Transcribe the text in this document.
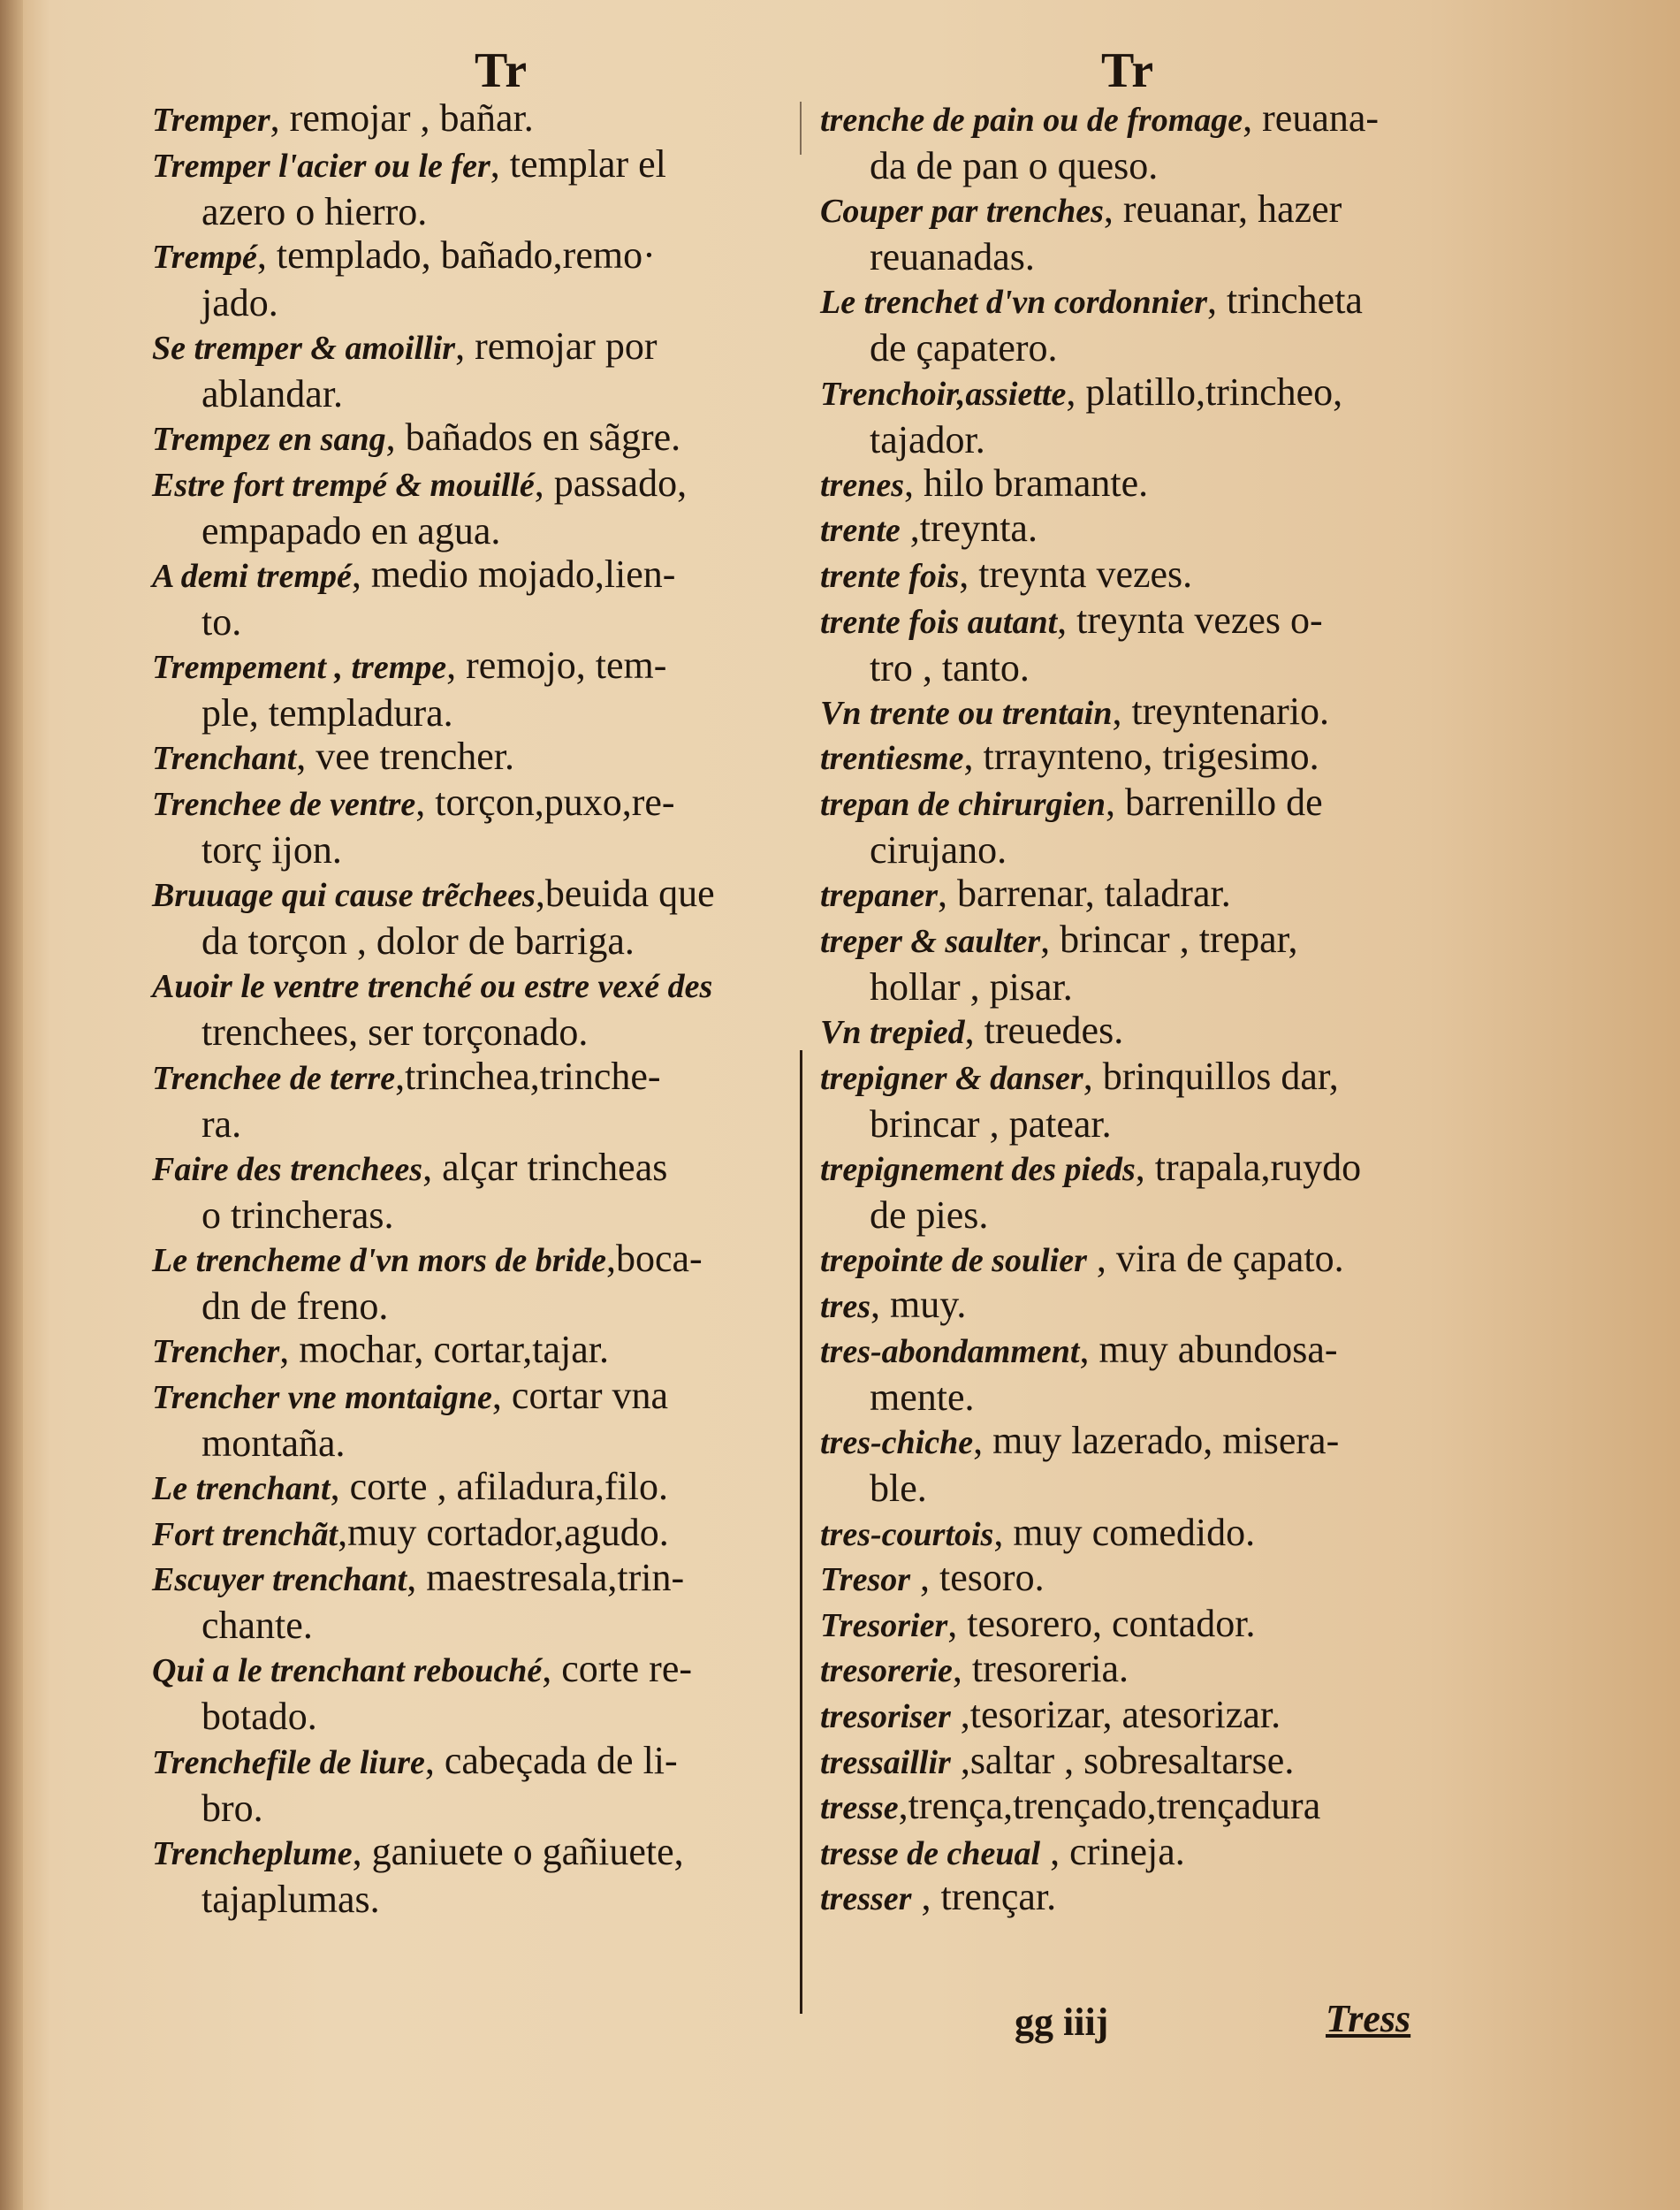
Tr	Tr
Tremper, remojar , bañar.
Tremper l'acier ou le fer, templar el
azero o hierro.
Trempé, templado, bañado,remo·
jado.
Se tremper & amoillir, remojar por
ablandar.
Trempez en sang, bañados en sãgre.
Estre fort trempé & mouillé, passado,
empapado en agua.
A demi trempé, medio mojado,lien-
to.
Trempement , trempe, remojo, tem-
ple, templadura.
Trenchant, vee trencher.
Trenchee de ventre, torçon,puxo,re-
torç ijon.
Bruuage qui cause trẽchees,beuida que
da torçon , dolor de barriga.
Auoir le ventre trenché ou estre vexé des
trenchees, ser torçonado.
Trenchee de terre,trinchea,trinche-
ra.
Faire des trenchees, alçar trincheas
o trincheras.
Le trencheme d'vn mors de bride,boca-
dn de freno.
Trencher, mochar, cortar,tajar.
Trencher vne montaigne, cortar vna
montaña.
Le trenchant, corte , afiladura,filo.
Fort trenchãt,muy cortador,agudo.
Escuyer trenchant, maestresala,trin-
chante.
Qui a le trenchant rebouché, corte re-
botado.
Trenchefile de liure, cabeçada de li-
bro.
Trencheplume, ganiuete o gañiuete,
tajaplumas.
trenche de pain ou de fromage, reuana-
da de pan o queso.
Couper par trenches, reuanar, hazer
reuanadas.
Le trenchet d'vn cordonnier, trincheta
de çapatero.
Trenchoir,assiette, platillo,trincheo,
tajador.
trenes, hilo bramante.
trente ,treynta.
trente fois, treynta vezes.
trente fois autant, treynta vezes o-
tro , tanto.
Vn trente ou trentain, treyntenario.
trentiesme, trraynteno, trigesimo.
trepan de chirurgien, barrenillo de
cirujano.
trepaner, barrenar, taladrar.
treper & saulter, brincar , trepar,
hollar , pisar.
Vn trepied, treuedes.
trepigner & danser, brinquillos dar,
brincar , patear.
trepignement des pieds, trapala,ruydo
de pies.
trepointe de soulier , vira de çapato.
tres, muy.
tres-abondamment, muy abundosa-
mente.
tres-chiche, muy lazerado, misera-
ble.
tres-courtois, muy comedido.
Tresor , tesoro.
Tresorier, tesorero, contador.
tresorerie, tresoreria.
tresoriser ,tesorizar, atesorizar.
tressaillir ,saltar , sobresaltarse.
tresse,trença,trençado,trençadura
tresse de cheual , crineja.
tresser , trençar.
gg iiij	Tress
